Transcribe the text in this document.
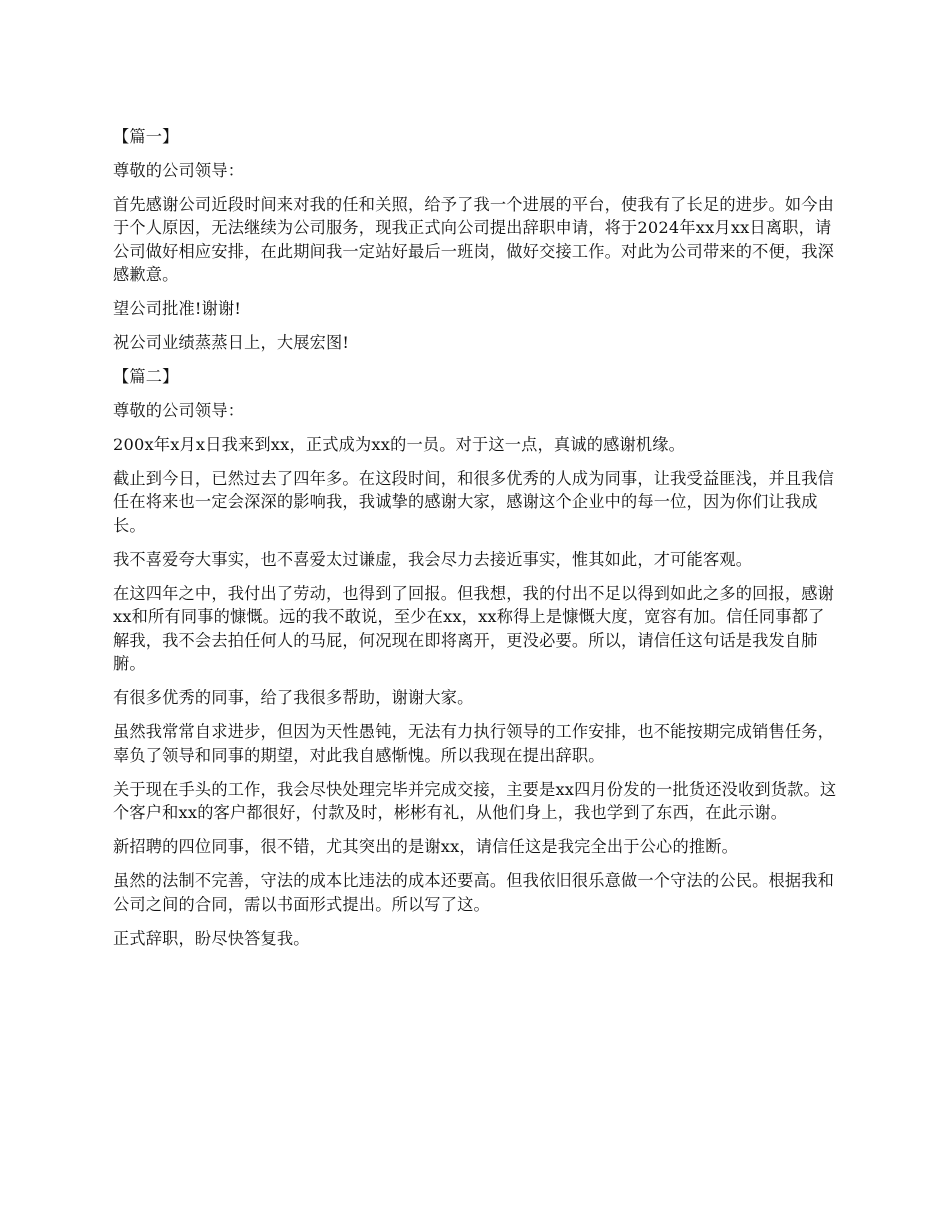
【篇一】

尊敬的公司领导：

首先感谢公司近段时间来对我的任和关照，给予了我一个进展的平台，使我有了长足的进步。如今由于个人原因，无法继续为公司服务，现我正式向公司提出辞职申请，将于2024年xx月xx日离职，请公司做好相应安排，在此期间我一定站好最后一班岗，做好交接工作。对此为公司带来的不便，我深感歉意。

望公司批准!谢谢!

祝公司业绩蒸蒸日上，大展宏图!

【篇二】

尊敬的公司领导：

200x年x月x日我来到xx，正式成为xx的一员。对于这一点，真诚的感谢机缘。

截止到今日，已然过去了四年多。在这段时间，和很多优秀的人成为同事，让我受益匪浅，并且我信任在将来也一定会深深的影响我，我诚挚的感谢大家，感谢这个企业中的每一位，因为你们让我成长。

我不喜爱夸大事实，也不喜爱太过谦虚，我会尽力去接近事实，惟其如此，才可能客观。

在这四年之中，我付出了劳动，也得到了回报。但我想，我的付出不足以得到如此之多的回报，感谢xx和所有同事的慷慨。远的我不敢说，至少在xx，xx称得上是慷慨大度，宽容有加。信任同事都了解我，我不会去拍任何人的马屁，何况现在即将离开，更没必要。所以，请信任这句话是我发自肺腑。

有很多优秀的同事，给了我很多帮助，谢谢大家。

虽然我常常自求进步，但因为天性愚钝，无法有力执行领导的工作安排，也不能按期完成销售任务，辜负了领导和同事的期望，对此我自感惭愧。所以我现在提出辞职。

关于现在手头的工作，我会尽快处理完毕并完成交接，主要是xx四月份发的一批货还没收到货款。这个客户和xx的客户都很好，付款及时，彬彬有礼，从他们身上，我也学到了东西，在此示谢。

新招聘的四位同事，很不错，尤其突出的是谢xx，请信任这是我完全出于公心的推断。

虽然的法制不完善，守法的成本比违法的成本还要高。但我依旧很乐意做一个守法的公民。根据我和公司之间的合同，需以书面形式提出。所以写了这。

正式辞职，盼尽快答复我。
